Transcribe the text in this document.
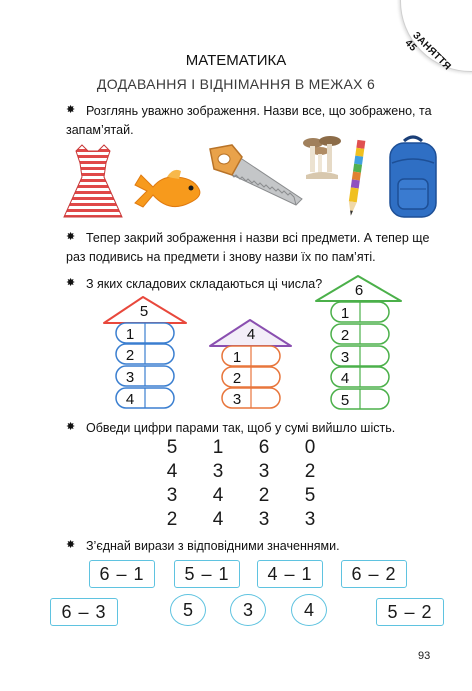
ЗАНЯТТЯ 45
МАТЕМАТИКА
ДОДАВАННЯ І ВІДНІМАННЯ В МЕЖАХ 6
✸ Розглянь уважно зображення. Назви все, що зображено, та
запам’ятай.
✸ Тепер закрий зображення і назви всі предмети. А тепер ще
раз подивись на предмети і знову назви їх по пам’яті.
✸ З яких складових складаються ці числа?
5
1
2
3
4
4
1
2
3
6
1
2
3
4
5
✸ Обведи цифри парами так, щоб у сумі вийшло шість.
5 1 6 0
4 3 3 2
3 4 2 5
2 4 3 3
✸ З’єднай вирази з відповідними значеннями.
6 – 1	5 – 1	4 – 1	6 – 2
6 – 3	5 – 2
5	3	4
93
